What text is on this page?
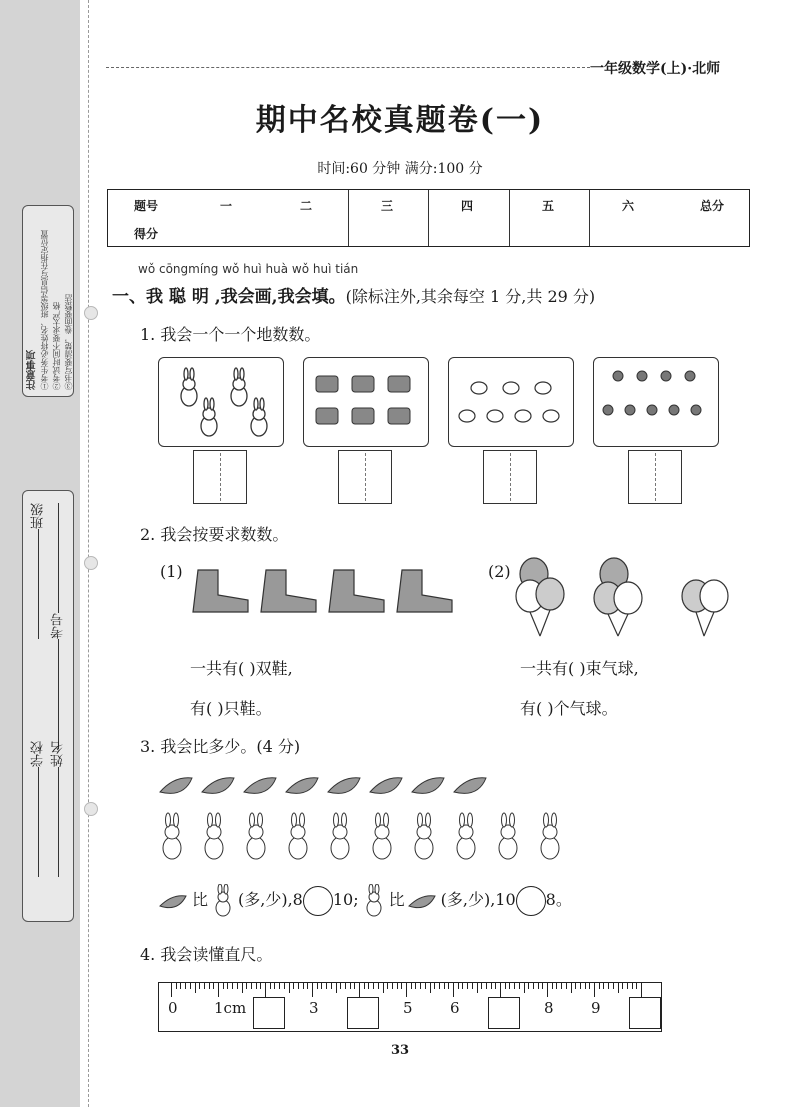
注意事项 ①考生务必将姓名、班级等信息写在指定位置 ②考试时间不要求太严格 ③书写要清楚，卷面要整洁
考号
班级
姓名
学校
一年级数学(上)·北师
期中名校真题卷(一)
时间:60 分钟 满分:100 分
题号	一	二	三	四	五	六	总分
得分
wǒ cōngmíng wǒ huì huà wǒ huì tián
一、我 聪 明 ,我会画,我会填。(除标注外,其余每空 1 分,共 29 分)
1. 我会一个一个地数数。
2. 我会按要求数数。
(1)	(2)
一共有( )双鞋,
有( )只鞋。
一共有( )束气球,
有( )个气球。
3. 我会比多少。(4 分)
比 (多,少),8 10; 比 (多,少),10 8。
4. 我会读懂直尺。
0 1cm	3	5 6	8 9
33
